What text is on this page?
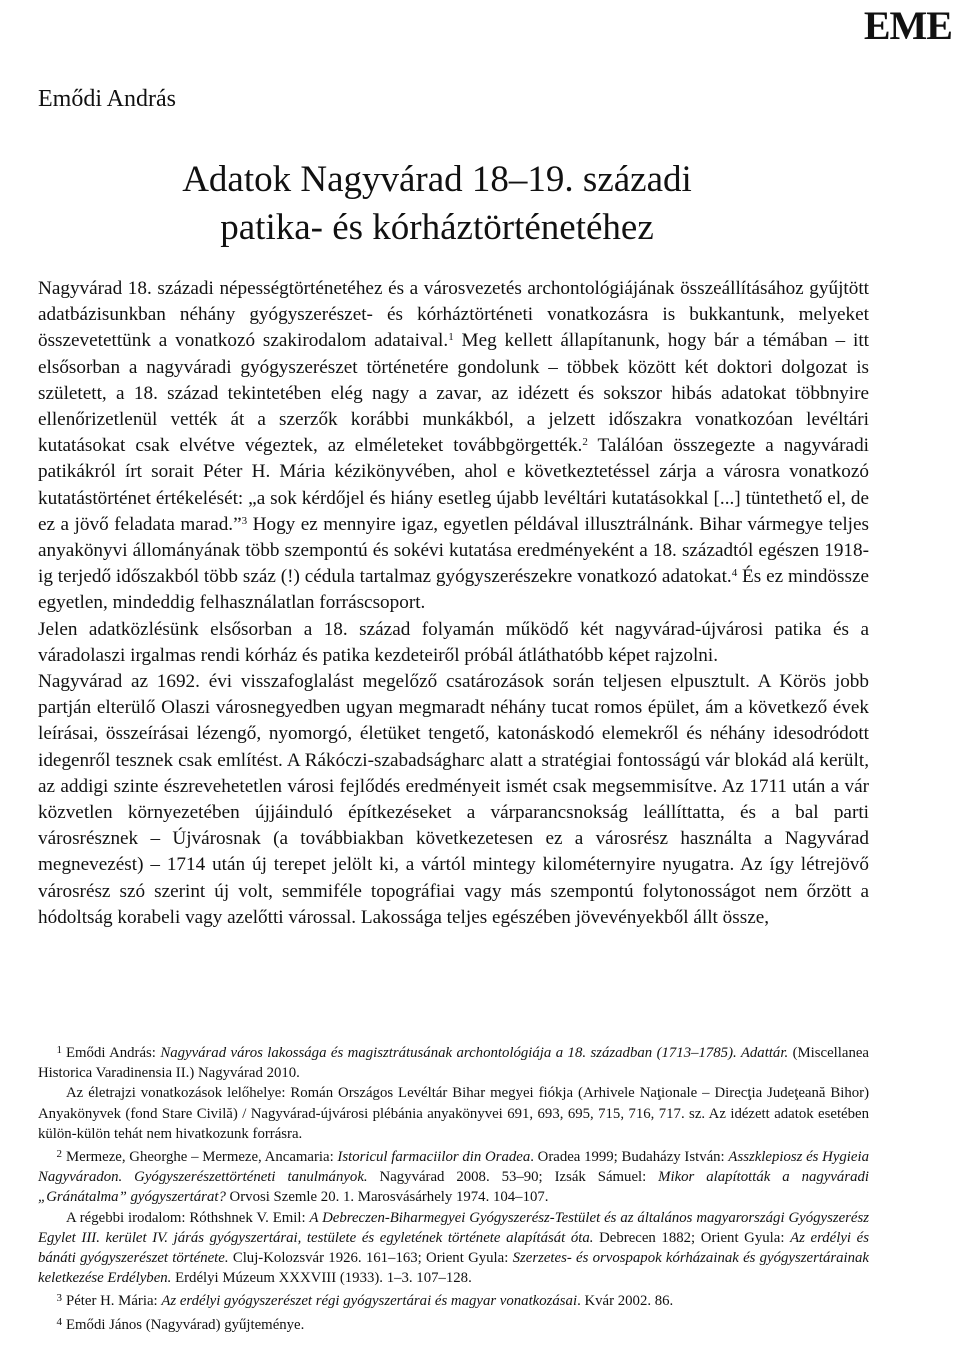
EME
Emődi András
Adatok Nagyvárad 18–19. századi
patika- és kórháztörténetéhez

Nagyvárad 18. századi népességtörténetéhez és a városvezetés archontológiájának összeállításához gyűjtött adatbázisunkban néhány gyógyszerészet- és kórháztörténeti vonatkozásra is bukkantunk, melyeket összevetettünk a vonatkozó szakirodalom adataival.$^1$ Meg kellett állapítanunk, hogy bár a témában – itt elsősorban a nagyváradi gyógyszerészet történetére gondolunk – többek között két doktori dolgozat is született, a 18. század tekintetében elég nagy a zavar, az idézett és sokszor hibás adatokat többnyire ellenőrizetlenül vették át a szerzők korábbi munkákból, a jelzett időszakra vonatkozóan levéltári kutatásokat csak elvétve végeztek, az elméleteket továbbgörgették.$^2$ Találóan összegezte a nagyváradi patikákról írt sorait Péter H. Mária kézikönyvében, ahol e következtetéssel zárja a városra vonatkozó kutatástörténet értékelését: „a sok kérdőjel és hiány esetleg újabb levéltári kutatásokkal [...] tüntethető el, de ez a jövő feladata marad.”$^3$ Hogy ez mennyire igaz, egyetlen példával illusztrálnánk. Bihar vármegye teljes anyakönyvi állományának több szempontú és sokévi kutatása eredményeként a 18. századtól egészen 1918-ig terjedő időszakból több száz (!) cédula tartalmaz gyógyszerészekre vonatkozó adatokat.$^4$ És ez mindössze egyetlen, mindeddig felhasználatlan forráscsoport.

Jelen adatközlésünk elsősorban a 18. század folyamán működő két nagyvárad-újvárosi patika és a váradolaszi irgalmas rendi kórház és patika kezdeteiről próbál átláthatóbb képet rajzolni.

Nagyvárad az 1692. évi visszafoglalást megelőző csatározások során teljesen elpusztult. A Körös jobb partján elterülő Olaszi városnegyedben ugyan megmaradt néhány tucat romos épület, ám a következő évek leírásai, összeírásai lézengő, nyomorgó, életüket tengető, katonáskodó elemekről és néhány idesodródott idegenről tesznek csak említést. A Rákóczi-szabadságharc alatt a stratégiai fontosságú vár blokád alá került, az addigi szinte észrevehetetlen városi fejlődés eredményeit ismét csak megsemmisítve. Az 1711 után a vár közvetlen környezetében újjáinduló építkezéseket a várparancsnokság leállíttatta, és a bal parti városrésznek – Újvárosnak (a továbbiakban következetesen ez a városrész használta a Nagyvárad megnevezést) – 1714 után új terepet jelölt ki, a vártól mintegy kilométernyire nyugatra. Az így létrejövő városrész szó szerint új volt, semmiféle topográfiai vagy más szempontú folytonosságot nem őrzött a hódoltság korabeli vagy azelőtti várossal. Lakossága teljes egészében jövevényekből állt össze,

1 Emődi András: Nagyvárad város lakossága és magisztrátusának archontológiája a 18. században (1713–1785). Adattár. (Miscellanea Historica Varadinensia II.) Nagyvárad 2010.

Az életrajzi vonatkozások lelőhelye: Román Országos Levéltár Bihar megyei fiókja (Arhivele Naţionale – Direcţia Judeţeană Bihor) Anyakönyvek (fond Stare Civilă) / Nagyvárad-újvárosi plébánia anyakönyvei 691, 693, 695, 715, 716, 717. sz. Az idézett adatok esetében külön-külön tehát nem hivatkozunk forrásra.

2 Mermeze, Gheorghe – Mermeze, Ancamaria: Istoricul farmaciilor din Oradea. Oradea 1999; Budaházy István: Asszklepiosz és Hygieia Nagyváradon. Gyógyszerészettörténeti tanulmányok. Nagyvárad 2008. 53–90; Izsák Sámuel: Mikor alapították a nagyváradi „Gránátalma” gyógyszertárat? Orvosi Szemle 20. 1. Marosvásárhely 1974. 104–107.

A régebbi irodalom: Róthshnek V. Emil: A Debreczen-Biharmegyei Gyógyszerész-Testület és az általános magyarországi Gyógyszerész Egylet III. kerület IV. járás gyógyszertárai, testülete és egyletének története alapítását óta. Debrecen 1882; Orient Gyula: Az erdélyi és bánáti gyógyszerészet története. Cluj-Kolozsvár 1926. 161–163; Orient Gyula: Szerzetes- és orvospapok kórházainak és gyógyszertárainak keletkezése Erdélyben. Erdélyi Múzeum XXXVIII (1933). 1–3. 107–128.

3 Péter H. Mária: Az erdélyi gyógyszerészet régi gyógyszertárai és magyar vonatkozásai. Kvár 2002. 86.

4 Emődi János (Nagyvárad) gyűjteménye.
